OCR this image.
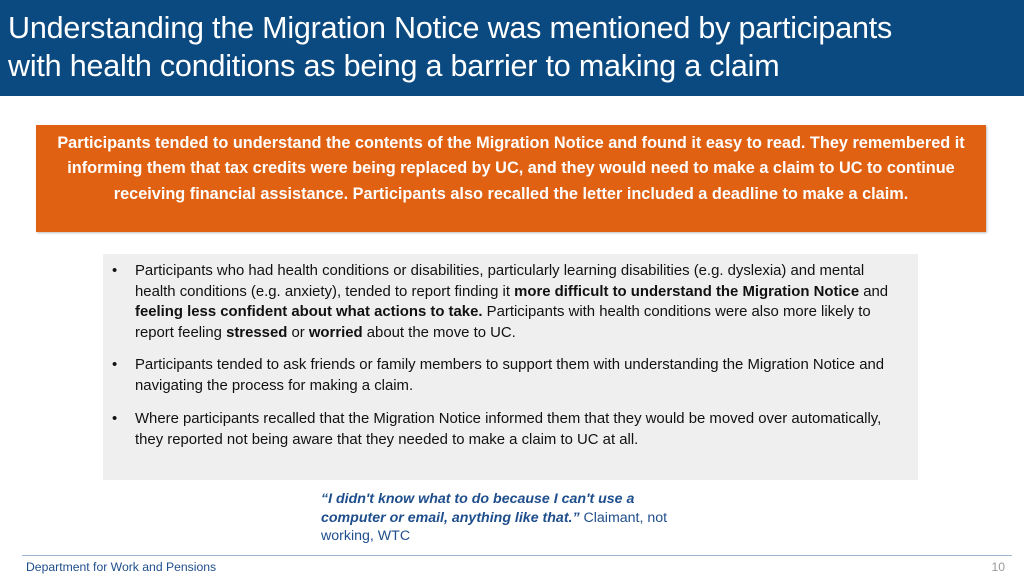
Understanding the Migration Notice was mentioned by participants
with health conditions as being a barrier to making a claim

Participants tended to understand the contents of the Migration Notice and found it easy to read. They remembered it informing them that tax credits were being replaced by UC, and they would need to make a claim to UC to continue receiving financial assistance. Participants also recalled the letter included a deadline to make a claim.

• Participants who had health conditions or disabilities, particularly learning disabilities (e.g. dyslexia) and mental health conditions (e.g. anxiety), tended to report finding it more difficult to understand the Migration Notice and feeling less confident about what actions to take. Participants with health conditions were also more likely to report feeling stressed or worried about the move to UC.
• Participants tended to ask friends or family members to support them with understanding the Migration Notice and navigating the process for making a claim.
• Where participants recalled that the Migration Notice informed them that they would be moved over automatically, they reported not being aware that they needed to make a claim to UC at all.
“I didn't know what to do because I can't use a computer or email, anything like that.” Claimant, not working, WTC
Department for Work and Pensions	10
